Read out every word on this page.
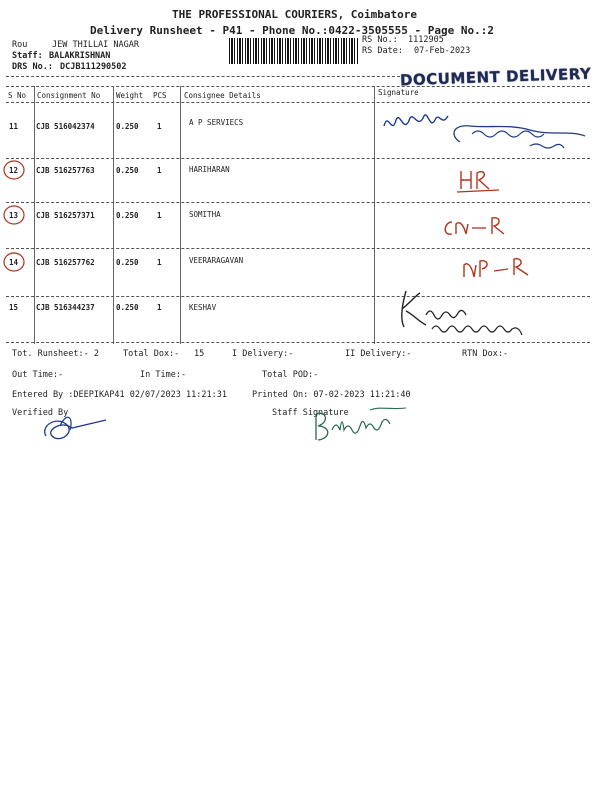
THE PROFESSIONAL COURIERS, Coimbatore
Delivery Runsheet - P41 - Phone No.:0422-3505555 - Page No.:2
Rou	JEW THILLAI NAGAR
Staff: BALAKRISHNAN
DRS No.: DCJB111290502
RS No.: 1112905
RS Date: 07-Feb-2023
DOCUMENT DELIVERY
S No Consignment No Weight PCS Consignee Details	Signature
11 CJB 516042374	0.250 1	A P SERVIECS
12 CJB 516257763	0.250 1	HARIHARAN
13 CJB 516257371	0.250 1	SOMITHA
14 CJB 516257762	0.250 1	VEERARAGAVAN
15 CJB 516344237	0.250 1	KESHAV
Tot. Runsheet:- 2	Total Dox:- 15	I Delivery:-	II Delivery:-	RTN Dox:-
Out Time:-	In Time:-	Total POD:-
Entered By :DEEPIKAP41 02/07/2023 11:21:31	Printed On: 07-02-2023 11:21:40
Verified By	Staff Signature
